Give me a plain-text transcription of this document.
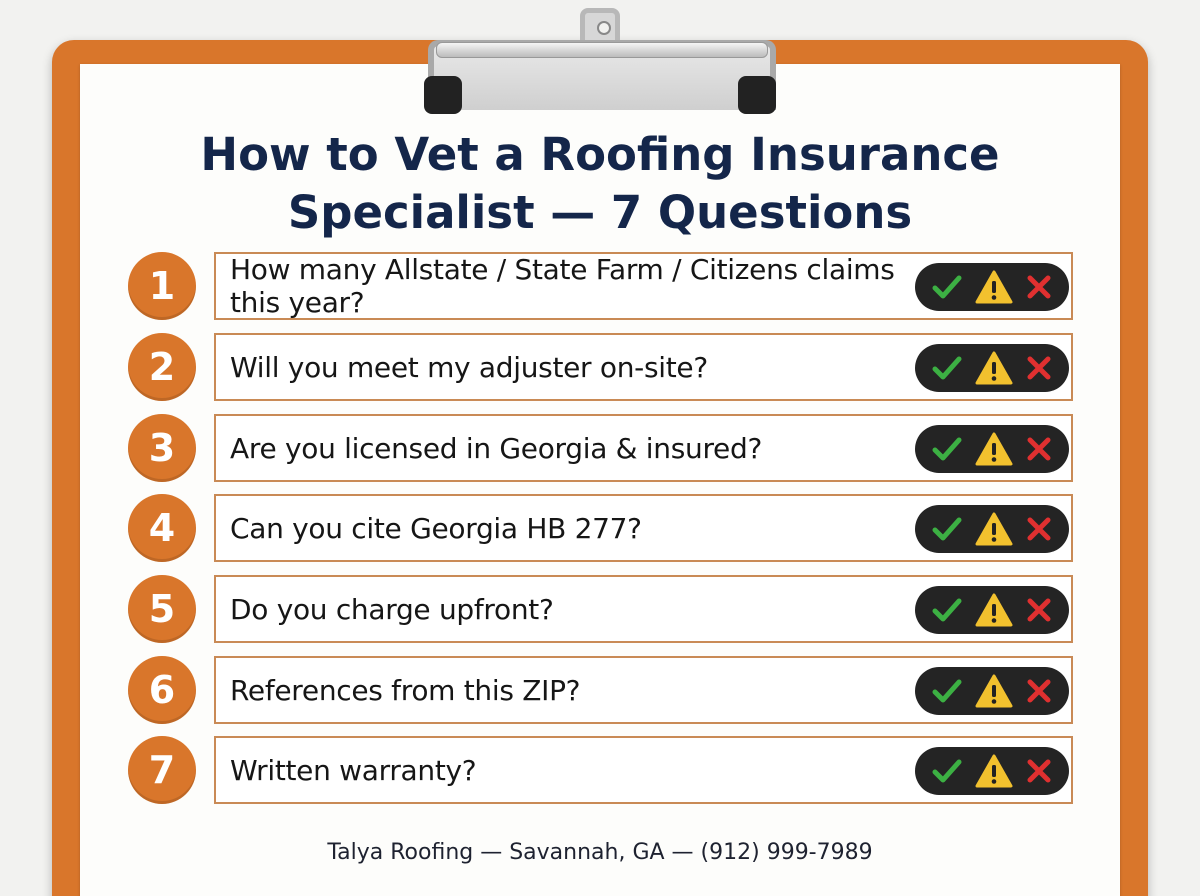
How to Vet a Roofing Insurance
Specialist — 7 Questions
1	How many Allstate / State Farm / Citizens claims this year?
2	Will you meet my adjuster on-site?
3	Are you licensed in Georgia & insured?
4	Can you cite Georgia HB 277?
5	Do you charge upfront?
6	References from this ZIP?
7	Written warranty?
Talya Roofing — Savannah, GA — (912) 999-7989
